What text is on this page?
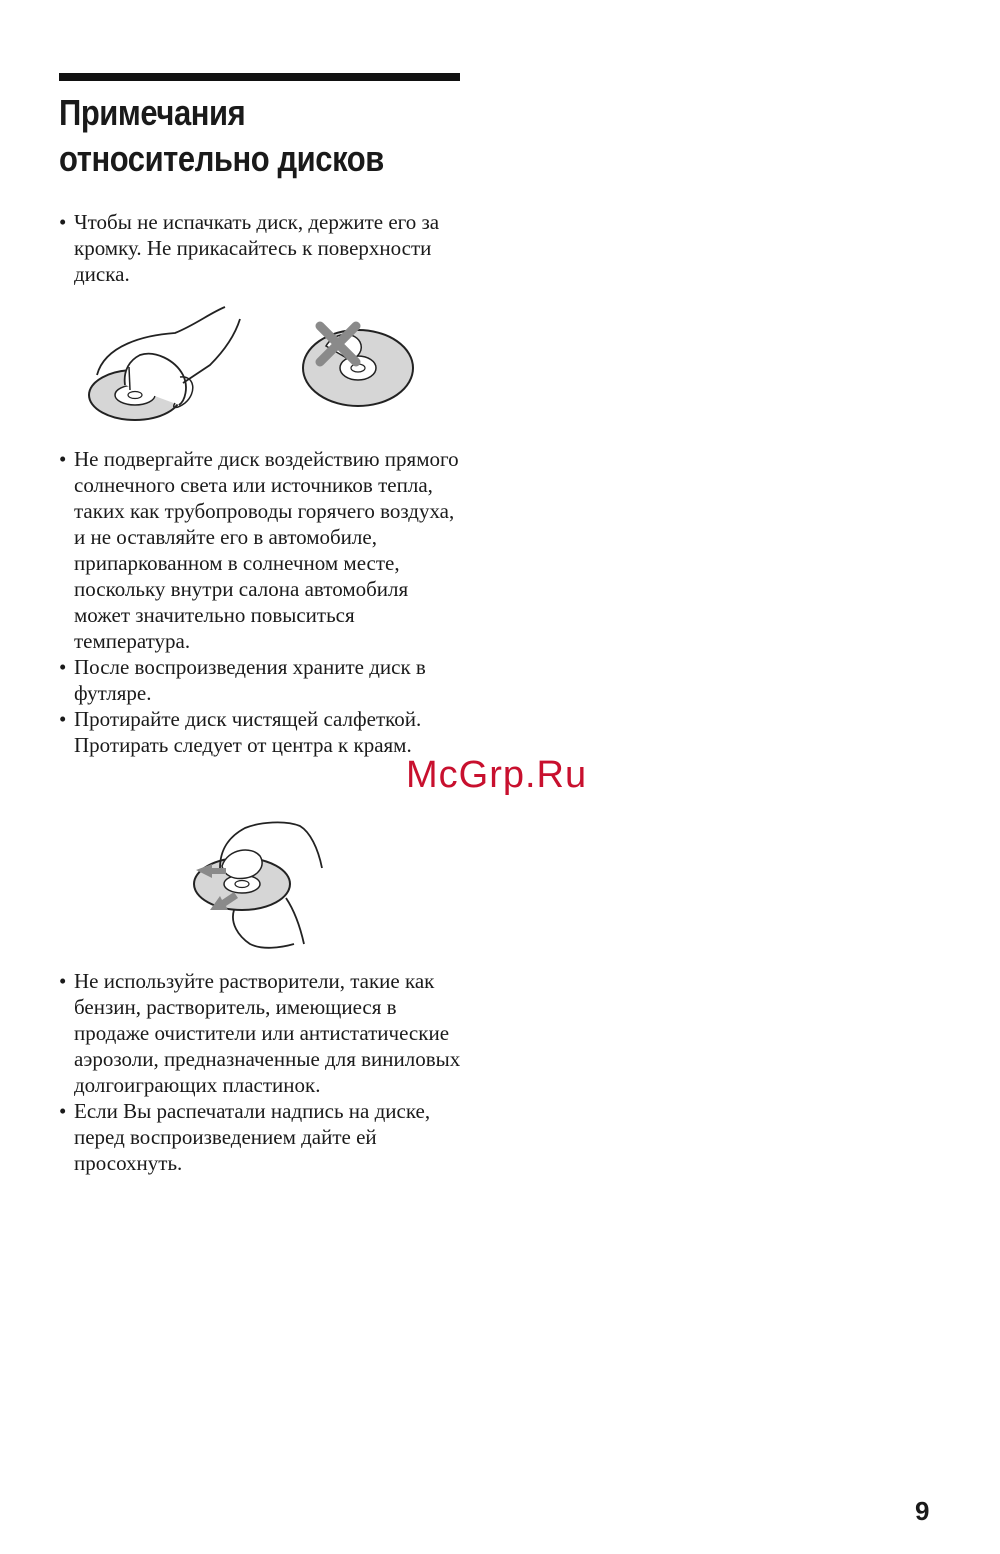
Примечания
относительно дисков
• Чтобы не испачкать диск, держите его за кромку. Не прикасайтесь к поверхности диска.
• Не подвергайте диск воздействию прямого солнечного света или источников тепла, таких как трубопроводы горячего воздуха, и не оставляйте его в автомобиле, припаркованном в солнечном месте, поскольку внутри салона автомобиля может значительно повыситься температура.
• После воспроизведения храните диск в футляре.
• Протирайте диск чистящей салфеткой.
Протирать следует от центра к краям.
• Не используйте растворители, такие как бензин, растворитель, имеющиеся в продаже очистители или антистатические аэрозоли, предназначенные для виниловых долгоиграющих пластинок.
• Если Вы распечатали надпись на диске, перед воспроизведением дайте ей просохнуть.
McGrp.Ru
9
